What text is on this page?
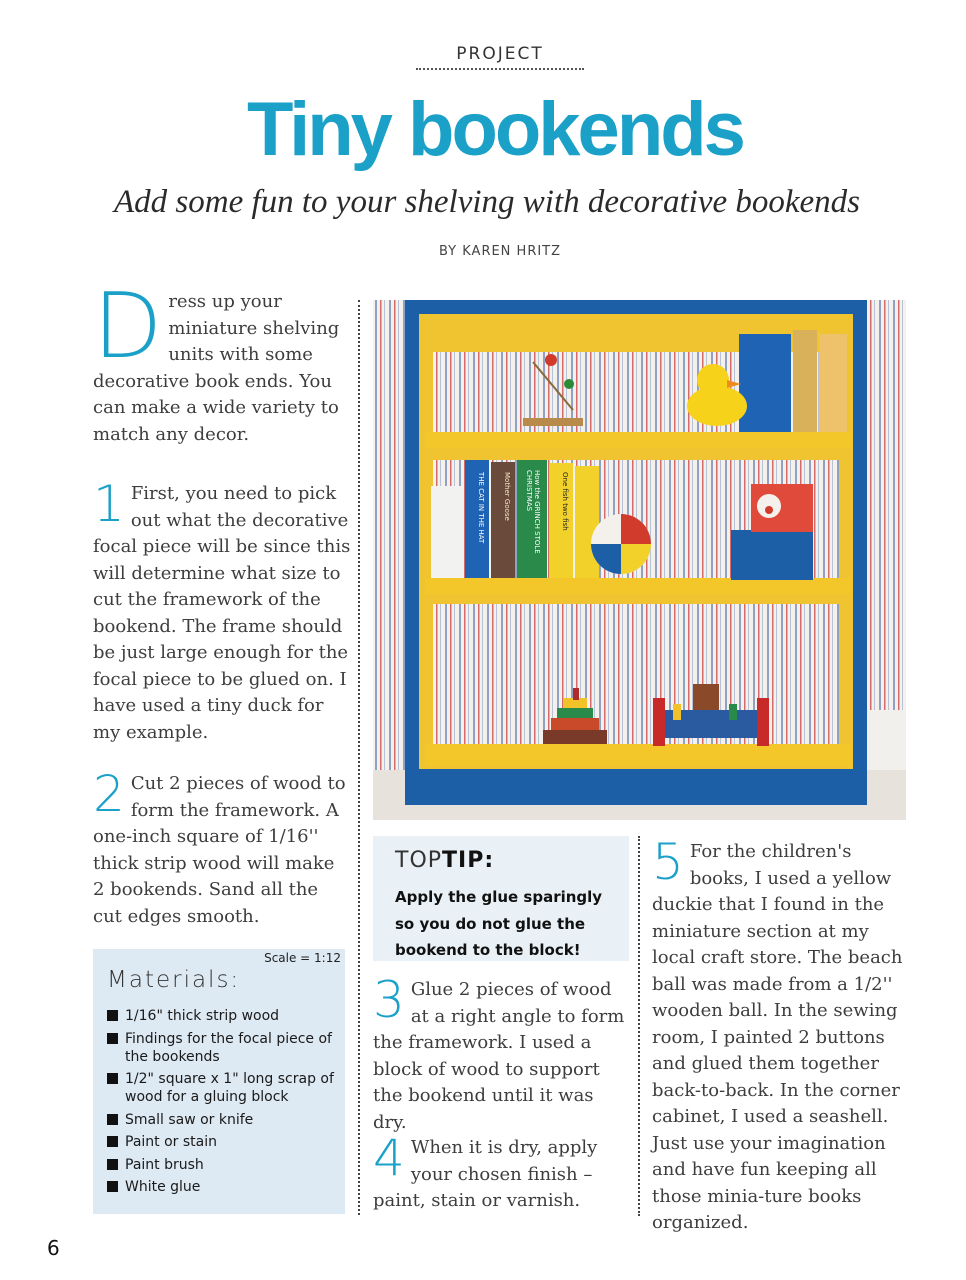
PROJECT
Tiny bookends
Add some fun to your shelving with decorative bookends
BY KAREN HRITZ

Dress up your miniature shelving units with some decorative book ends. You can make a wide variety to match any decor.

1 First, you need to pick out what the decorative focal piece will be since this will determine what size to cut the framework of the bookend. The frame should be just large enough for the focal piece to be glued on. I have used a tiny duck for my example.

2 Cut 2 pieces of wood to form the framework. A one-inch square of 1/16'' thick strip wood will make 2 bookends. Sand all the cut edges smooth.

Scale = 1:12
Materials:
1/16" thick strip wood
Findings for the focal piece of the bookends
1/2" square x 1" long scrap of wood for a gluing block
Small saw or knife
Paint or stain
Paint brush
White glue
How the GRINCH STOLE CHRISTMAS	One fish two fish
Mother Goose
THE CAT IN THE HAT
TOPTIP:
Apply the glue sparingly so you do not glue the bookend to the block!

3 Glue 2 pieces of wood at a right angle to form the framework. I used a block of wood to support the bookend until it was dry.

4 When it is dry, apply your chosen finish – paint, stain or varnish.

5 For the children's books, I used a yellow duckie that I found in the miniature section at my local craft store. The beach ball was made from a 1/2'' wooden ball. In the sewing room, I painted 2 buttons and glued them together back-to-back. In the corner cabinet, I used a seashell. Just use your imagination and have fun keeping all those minia-ture books organized.

6
